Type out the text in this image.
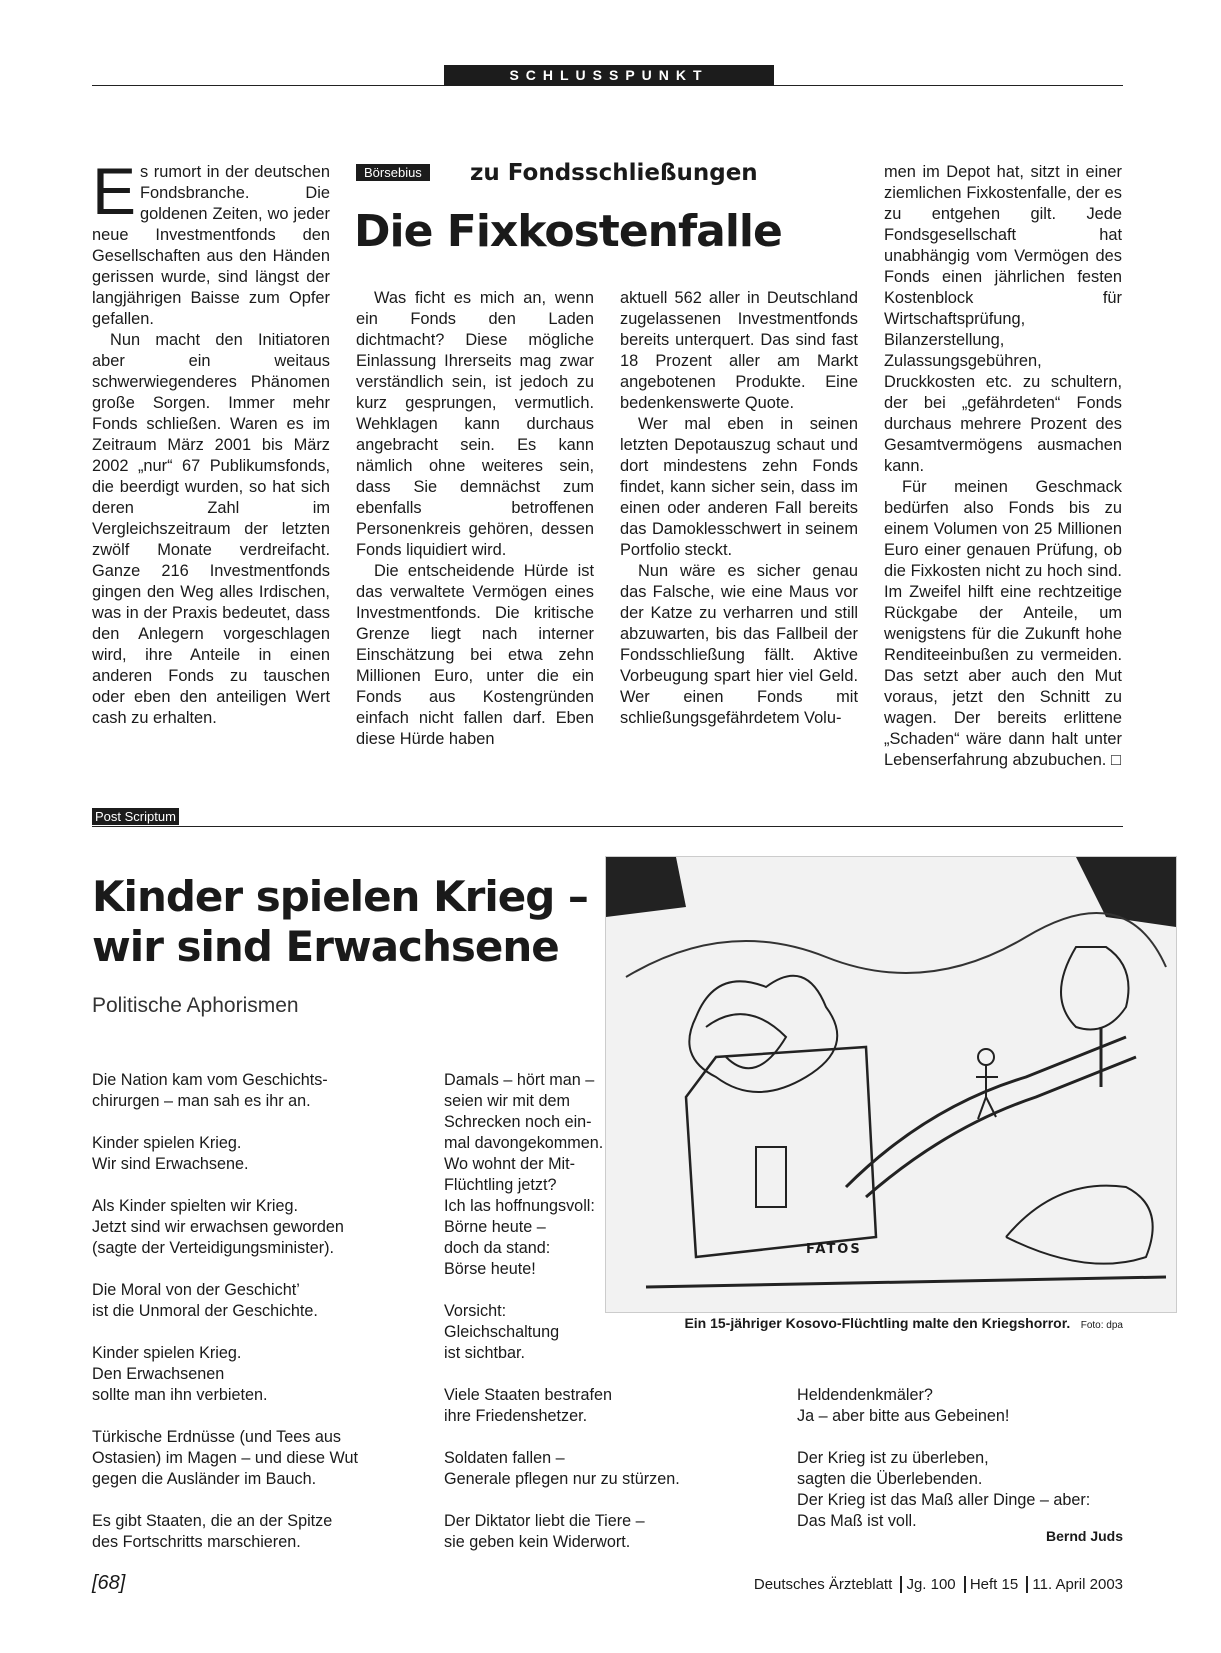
SCHLUSSPUNKT

Es rumort in der deutschen Fondsbranche. Die goldenen Zeiten, wo jeder neue Investmentfonds den Gesellschaften aus den Händen gerissen wurde, sind längst der langjährigen Baisse zum Opfer gefallen.

Nun macht den Initiatoren aber ein weitaus schwerwiegenderes Phänomen große Sorgen. Immer mehr Fonds schließen. Waren es im Zeitraum März 2001 bis März 2002 „nur“ 67 Publikumsfonds, die beerdigt wurden, so hat sich deren Zahl im Vergleichszeitraum der letzten zwölf Monate verdreifacht. Ganze 216 Investmentfonds gingen den Weg alles Irdischen, was in der Praxis bedeutet, dass den Anlegern vorgeschlagen wird, ihre Anteile in einen anderen Fonds zu tauschen oder eben den anteiligen Wert cash zu erhalten.

Börsebius	zu Fondsschließungen
Die Fixkostenfalle

Was ficht es mich an, wenn ein Fonds den Laden dichtmacht? Diese mögliche Einlassung Ihrerseits mag zwar verständlich sein, ist jedoch zu kurz gesprungen, vermutlich. Wehklagen kann durchaus angebracht sein. Es kann nämlich ohne weiteres sein, dass Sie demnächst zum ebenfalls betroffenen Personenkreis gehören, dessen Fonds liquidiert wird.

Die entscheidende Hürde ist das verwaltete Vermögen eines Investmentfonds. Die kritische Grenze liegt nach interner Einschätzung bei etwa zehn Millionen Euro, unter die ein Fonds aus Kostengründen einfach nicht fallen darf. Eben diese Hürde haben

aktuell 562 aller in Deutschland zugelassenen Investmentfonds bereits unterquert. Das sind fast 18 Prozent aller am Markt angebotenen Produkte. Eine bedenkenswerte Quote.

Wer mal eben in seinen letzten Depotauszug schaut und dort mindestens zehn Fonds findet, kann sicher sein, dass im einen oder anderen Fall bereits das Damoklesschwert in seinem Portfolio steckt.

Nun wäre es sicher genau das Falsche, wie eine Maus vor der Katze zu verharren und still abzuwarten, bis das Fallbeil der Fondsschließung fällt. Aktive Vorbeugung spart hier viel Geld. Wer einen Fonds mit schließungsgefährdetem Volu-

men im Depot hat, sitzt in einer ziemlichen Fixkostenfalle, der es zu entgehen gilt. Jede Fondsgesellschaft hat unabhängig vom Vermögen des Fonds einen jährlichen festen Kostenblock für Wirtschaftsprüfung, Bilanzerstellung, Zulassungsgebühren, Druckkosten etc. zu schultern, der bei „gefährdeten“ Fonds durchaus mehrere Prozent des Gesamtvermögens ausmachen kann.

Für meinen Geschmack bedürfen also Fonds bis zu einem Volumen von 25 Millionen Euro einer genauen Prüfung, ob die Fixkosten nicht zu hoch sind. Im Zweifel hilft eine rechtzeitige Rückgabe der Anteile, um wenigstens für die Zukunft hohe Renditeeinbußen zu vermeiden. Das setzt aber auch den Mut voraus, jetzt den Schnitt zu wagen. Der bereits erlittene „Schaden“ wäre dann halt unter Lebenserfahrung abzubuchen. □

Post Scriptum
Kinder spielen Krieg –
wir sind Erwachsene
Politische Aphorismen
FATOS
Ein 15-jähriger Kosovo-Flüchtling malte den Kriegshorror. Foto: dpa

Die Nation kam vom Geschichts-
chirurgen – man sah es ihr an.

Kinder spielen Krieg.
Wir sind Erwachsene.

Als Kinder spielten wir Krieg.
Jetzt sind wir erwachsen geworden
(sagte der Verteidigungsminister).

Die Moral von der Geschicht’
ist die Unmoral der Geschichte.

Kinder spielen Krieg.
Den Erwachsenen
sollte man ihn verbieten.

Türkische Erdnüsse (und Tees aus
Ostasien) im Magen – und diese Wut
gegen die Ausländer im Bauch.

Es gibt Staaten, die an der Spitze
des Fortschritts marschieren.

Damals – hört man –
seien wir mit dem
Schrecken noch ein-
mal davongekommen.
Wo wohnt der Mit-
Flüchtling jetzt?
Ich las hoffnungsvoll:
Börne heute –
doch da stand:
Börse heute!

Vorsicht:
Gleichschaltung
ist sichtbar.

Viele Staaten bestrafen
ihre Friedenshetzer.

Soldaten fallen –
Generale pflegen nur zu stürzen.

Der Diktator liebt die Tiere –
sie geben kein Widerwort.

Heldendenkmäler?
Ja – aber bitte aus Gebeinen!

Der Krieg ist zu überleben,
sagten die Überlebenden.
Der Krieg ist das Maß aller Dinge – aber:
Das Maß ist voll.

Bernd Juds
[68]	Deutsches Ärzteblatt Jg. 100 Heft 15 11. April 2003
